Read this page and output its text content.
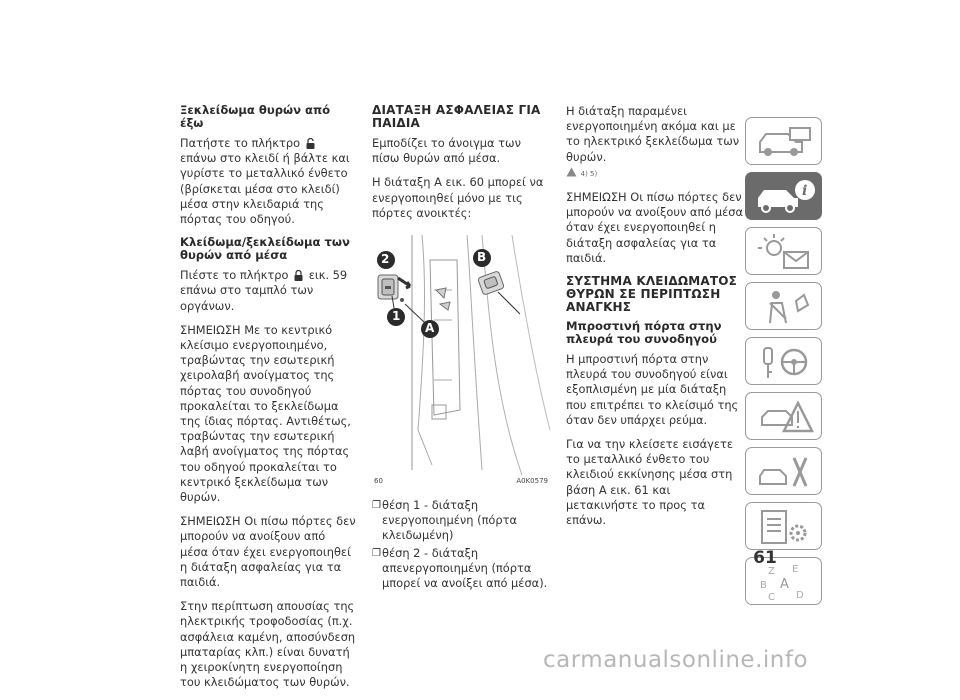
Ξεκλείδωμα θυρών από έξω

Πατήστε το πλήκτρο  επάνω στο κλειδί ή βάλτε και γυρίστε το μεταλλικό ένθετο (βρίσκεται μέσα στο κλειδί) μέσα στην κλειδαριά της πόρτας του οδηγού.

Κλείδωμα/ξεκλείδωμα των θυρών από μέσα

Πιέστε το πλήκτρο εικ. 59 επάνω στο ταμπλό των οργάνων.

ΣΗΜΕΙΩΣΗ Με το κεντρικό κλείσιμο ενεργοποιημένο, τραβώντας την εσωτερική χειρολαβή ανοίγματος της πόρτας του συνοδηγού προκαλείται το ξεκλείδωμα της ίδιας πόρτας. Αντιθέτως, τραβώντας την εσωτερική λαβή ανοίγματος της πόρτας του οδηγού προκαλείται το κεντρικό ξεκλείδωμα των θυρών.

ΣΗΜΕΙΩΣΗ Οι πίσω πόρτες δεν μπορούν να ανοίξουν από μέσα όταν έχει ενεργοποιηθεί η διάταξη ασφαλείας για τα παιδιά.

Στην περίπτωση απουσίας της ηλεκτρικής τροφοδοσίας (π.χ. ασφάλεια καμένη, αποσύνδεση μπαταρίας κλπ.) είναι δυνατή η χειροκίνητη ενεργοποίηση του κλειδώματος των θυρών.

ΔΙΑΤΑΞΗ ΑΣΦΑΛΕΙΑΣ ΓΙΑ ΠΑΙΔΙΑ

Εμποδίζει το άνοιγμα των πίσω θυρών από μέσα.

Η διάταξη A εικ. 60 μπορεί να ενεργοποιηθεί μόνο με τις πόρτες ανοικτές:

2	B
1
A
60	A0K0579
❐ θέση 1 - διάταξη ενεργοποιημένη (πόρτα κλειδωμένη)
❐ θέση 2 - διάταξη απενεργοποιημένη (πόρτα μπορεί να ανοίξει από μέσα).

Η διάταξη παραμένει ενεργοποιημένη ακόμα και με το ηλεκτρικό ξεκλείδωμα των θυρών.
4) 5)

ΣΗΜΕΙΩΣΗ Οι πίσω πόρτες δεν μπορούν να ανοίξουν από μέσα όταν έχει ενεργοποιηθεί η διάταξη ασφαλείας για τα παιδιά.

ΣΥΣΤΗΜΑ ΚΛΕΙΔΩΜΑΤΟΣ ΘΥΡΩΝ ΣΕ ΠΕΡΙΠΤΩΣΗ ΑΝΑΓΚΗΣ
Μπροστινή πόρτα στην πλευρά του συνοδηγού

Η μπροστινή πόρτα στην πλευρά του συνοδηγού είναι εξοπλισμένη με μία διάταξη που επιτρέπει το κλείσιμό της όταν δεν υπάρχει ρεύμα.

Για να την κλείσετε εισάγετε το μεταλλικό ένθετο του κλειδιού εκκίνησης μέσα στη βάση A εικ. 61 και μετακινήστε το προς τα επάνω.

i
Z E
B A
C D
61
carmanualsonline.info
